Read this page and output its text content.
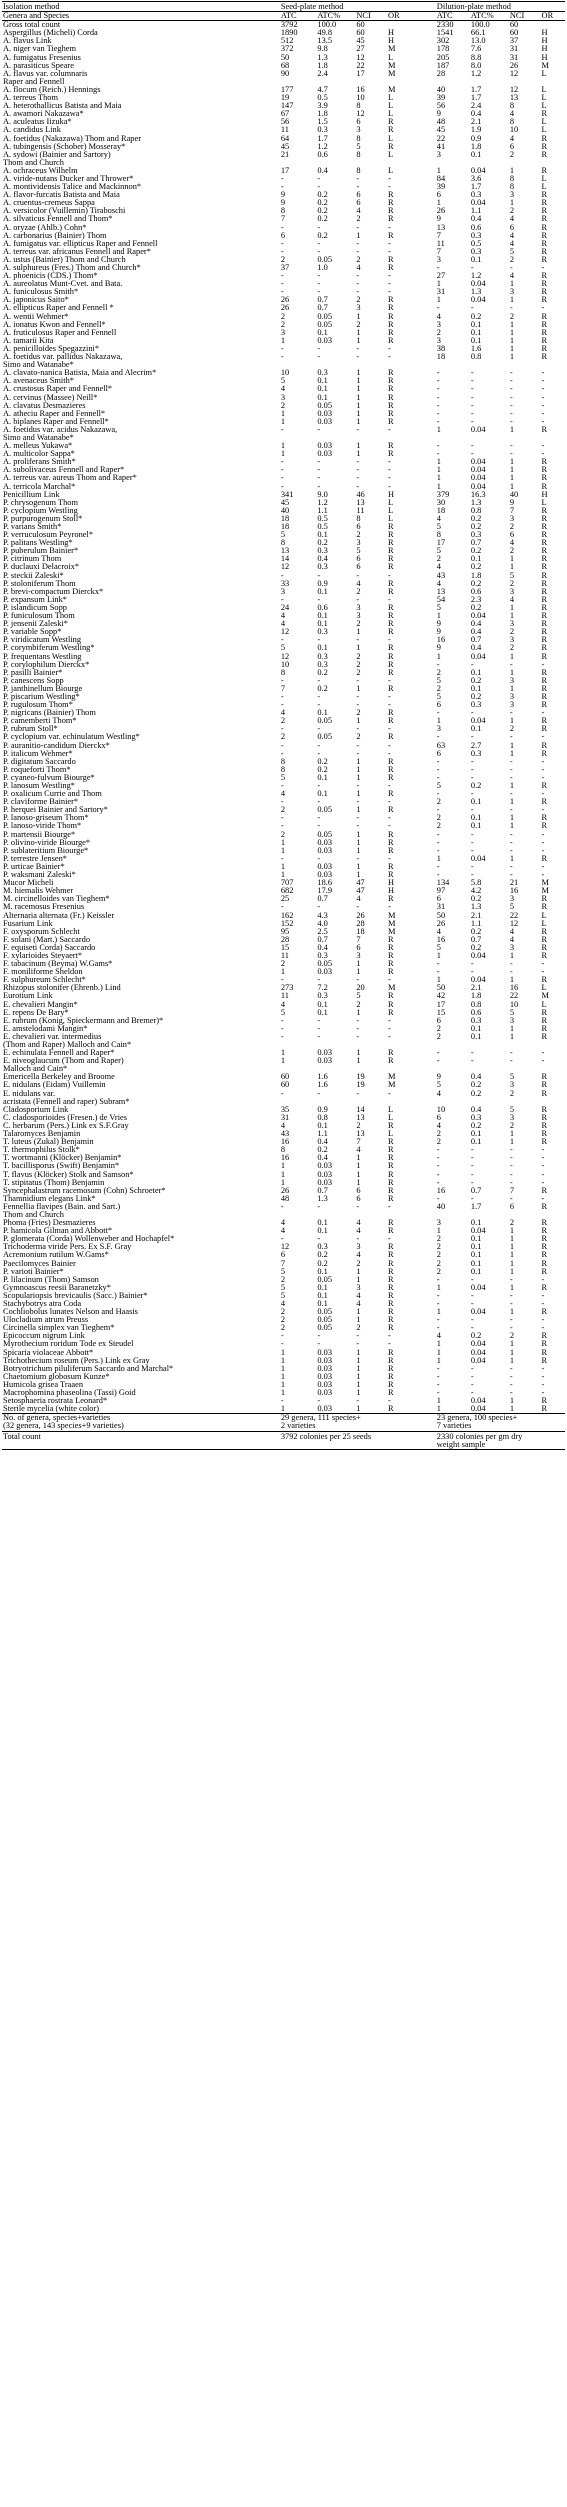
Isolation method	Seed-plate method				Dilution-plate method			
Genera and Species	ATC	ATC%	NCI	OR	ATC	ATC%	NCI	OR
Gross total count	3792	100.0	60		2330	100.0	60	
Aspergillus (Micheli) Corda	1890	49.8	60	H	1541	66.1	60	H
A. flavus Link	512	13.5	45	H	302	13.0	37	H
A. niger van Tieghem	372	9.8	27	M	178	7.6	31	H
A. fumigatus Fresenius	50	1.3	12	L	205	8.8	31	H
A. parasiticus Speare	68	1.8	22	M	187	8.0	26	M
A. flavus var. columnaris	90	2.4	17	M	28	1.2	12	L
Raper and Fennell								
A. flocum (Reich.) Hennings	177	4.7	16	M	40	1.7	12	L
A. terreus Thom	19	0.5	10	L	39	1.7	13	L
A. heterothallicus Batista and Maia	147	3.9	8	L	56	2.4	8	L
A. awamori Nakazawa*	67	1.8	12	L	9	0.4	4	R
A. aculeatus Iizuka*	56	1.5	6	R	48	2.1	8	L
A. candidus Link	11	0.3	3	R	45	1.9	10	L
A. foetidus (Nakazawa) Thom and Raper	64	1.7	8	L	22	0.9	4	R
A. tubingensis (Schober) Mosseray*	45	1.2	5	R	41	1.8	6	R
A. sydowi (Bainier and Sartory)	21	0.6	8	L	3	0.1	2	R
Thom and Church								
A. ochraceus Wilhelm	17	0.4	8	L	1	0.04	1	R
A. viride-nutans Ducker and Thrower*	-	-	-	-	84	3.6	8	L
A. montividensis Talice and Mackinnon*	-	-	-	-	39	1.7	8	L
A. flavor-furcatis Batista and Maia	9	0.2	6	R	6	0.3	3	R
A. cruentus-cremeus Sappa	9	0.2	6	R	1	0.04	1	R
A. versicolor (Vuillemin) Tiraboschi	8	0.2	4	R	26	1.1	2	R
A. silvaticus Fennell and Thom*	7	0.2	2	R	9	0.4	4	R
A. oryzae (Ahlb.) Cohn*	-	-	-	-	13	0.6	6	R
A. carbonarius (Bainier) Thom	6	0.2	1	R	7	0.3	4	R
A. fumigatus var. ellipticus Raper and Fennell	-	-	-	-	11	0.5	4	R
A. terreus var. africanus Fennell and Raper*	-	-	-	-	7	0.3	5	R
A. ustus (Bainier) Thom and Church	2	0.05	2	R	3	0.1	2	R
A. sulphureus (Fres.) Thom and Church*	37	1.0	4	R	-	-	-	-
A. phoenicis (CDS.) Thom*	-	-	-	-	27	1.2	4	R
A. aureolatus Munt-Cvet. and Bata.	-	-	-	-	1	0.04	1	R
A. funiculosus Smith*	-	-	-	-	31	1.3	3	R
A. japonicus Saito*	26	0.7	2	R	1	0.04	1	R
A. ellipticus Raper and Fennell *	26	0.7	3	R	-	-	-	-
A. wentii Wehmer*	2	0.05	1	R	4	0.2	2	R
A. ionatus Kwon and Fennell*	2	0.05	2	R	3	0.1	1	R
A. fruticulosus Raper and Fennell	3	0.1	1	R	2	0.1	1	R
A. tamarii Kita	1	0.03	1	R	3	0.1	1	R
A. penicilloides Spegazzini*	-	-	-	-	38	1.6	1	R
A. foetidus var. pallidus Nakazawa,	-	-	-	-	18	0.8	1	R
Simo and Watanabe*								
A. clavato-nanica Batista, Maia and Alecrim*	10	0.3	1	R	-	-	-	-
A. avenaceus Smith*	5	0.1	1	R	-	-	-	-
A. crustosus Raper and Fennell*	4	0.1	1	R	-	-	-	-
A. cervinus (Massee) Neill*	3	0.1	1	R	-	-	-	-
A. clavatus Desmazieres	2	0.05	1	R	-	-	-	-
A. atheciu Raper and Fennell*	1	0.03	1	R	-	-	-	-
A. biplanes Raper and Fennell*	1	0.03	1	R	-	-	-	-
A. foetidus var. acidus Nakazawa,	-	-	-	-	1	0.04	1	R
Simo and Watanabe*								
A. melleus Yukawa*	1	0.03	1	R	-	-	-	-
A. multicolor Sappa*	1	0.03	1	R	-	-	-	-
A. proliferans Smith*	-	-	-	-	1	0.04	1	R
A. subolivaceus Fennell and Raper*	-	-	-	-	1	0.04	1	R
A. terreus var. aureus Thom and Raper*	-	-	-	-	1	0.04	1	R
A. terricola Marchal*	-	-	-	-	1	0.04	1	R
Penicillium Link	341	9.0	46	H	379	16.3	40	H
P. chrysogenum Thom	45	1.2	13	L	30	1.3	9	L
P. cyclopium Westling	40	1.1	11	L	18	0.8	7	R
P. purpurogenum Stoll*	18	0.5	8	L	4	0.2	3	R
P. varians Smith*	18	0.5	6	R	5	0.2	2	R
P. verruculosum Peyronel*	5	0.1	2	R	8	0.3	6	R
P. palitans Westling*	8	0.2	3	R	17	0.7	4	R
P. puberulum Bainier*	13	0.3	5	R	5	0.2	2	R
P. citrinum Thom	14	0.4	6	R	2	0.1	1	R
P. duclauxi Delacroix*	12	0.3	6	R	4	0.2	1	R
P. steckii Zaleski*	-	-	-	-	43	1.8	5	R
P. stoloniferum Thom	33	0.9	4	R	4	0.2	2	R
P. brevi-compactum Dierckx*	3	0.1	2	R	13	0.6	3	R
P. expansum Link*	-	-	-	-	54	2.3	4	R
P. islandicum Sopp	24	0.6	3	R	5	0.2	1	R
P. funiculosum Thom	4	0.1	3	R	1	0.04	1	R
P. jensenii Zaleski*	4	0.1	2	R	9	0.4	3	R
P. variable Sopp*	12	0.3	1	R	9	0.4	2	R
P. viridicatum Westling	-	-	-	-	16	0.7	3	R
P. corymbiferum Westling*	5	0.1	1	R	9	0.4	2	R
P. frequentans Westling	12	0.3	2	R	1	0.04	1	R
P. corylophilum Dierckx*	10	0.3	2	R	-	-	-	-
P. pasilli Bainier*	8	0.2	2	R	2	0.1	1	R
P. canescens Sopp	-	-	-	-	5	0.2	3	R
P. janthinellum Biourge	7	0.2	1	R	2	0.1	1	R
P. piscarium Westling*	-	-	-	-	5	0.2	3	R
P. rugulosum Thom*	-	-	-	-	6	0.3	3	R
P. nigricans (Bainier) Thom	4	0.1	2	R	-	-	-	-
P. camemberti Thom*	2	0.05	1	R	1	0.04	1	R
P. rubrum Stoll*	-	-	-	-	3	0.1	2	R
P. cyclopium var. echinulatum Westling*	2	0.05	2	R	-	-	-	-
P. auranitio-candidum Dierckx*	-	-	-	-	63	2.7	1	R
P. italicum Wehmer*	-	-	-	-	6	0.3	1	R
P. digitatum Saccardo	8	0.2	1	R	-	-	-	-
P. roqueforti Thom*	8	0.2	1	R	-	-	-	-
P. cyaneo-fulvum Biourge*	5	0.1	1	R	-	-	-	-
P. lanosum Westling*	-	-	-	-	5	0.2	1	R
P. oxalicum Currie and Thom	4	0.1	1	R	-	-	-	-
P. claviforme Bainier*	-	-	-	-	2	0.1	1	R
P. herquei Bainier and Sartory*	2	0.05	1	R	-	-	-	-
P. lanoso-griseum Thom*	-	-	-	-	2	0.1	1	R
P. lanoso-viride Thom*	-	-	-	-	2	0.1	1	R
P. martensii Biourge*	2	0.05	1	R	-	-	-	-
P. olivino-viride Biourge*	1	0.03	1	R	-	-	-	-
P. sublateritium Biourge*	1	0.03	1	R	-	-	-	-
P. terrestre Jensen*	-	-	-	-	1	0.04	1	R
P. urticae Bainier*	1	0.03	1	R	-	-	-	-
P. waksmani Zaleski*	1	0.03	1	R	-	-	-	-
Mucor Micheli	707	18.6	47	H	134	5.8	21	M
M. hiemalis Wehmer	682	17.9	47	H	97	4.2	16	M
M. circinelloides van Tieghem*	25	0.7	4	R	6	0.2	3	R
M. racemosus Fresenius	-	-	-	-	31	1.3	5	R
Alternaria alternata (Fr.) Keissler	162	4.3	26	M	50	2.1	22	L
Fusarium Link	152	4.0	28	M	26	1.1	12	L
F. oxysporum Schlecht	95	2.5	18	M	4	0.2	4	R
F. solani (Mart.) Saccardo	28	0.7	7	R	16	0.7	4	R
F. equiseti Corda) Saccardo	15	0.4	6	R	5	0.2	3	R
F. xylarioides Steyaert*	11	0.3	3	R	1	0.04	1	R
F. tabacinum (Beyma) W.Gams*	2	0.05	1	R	-	-	-	-
F. moniliforme Sheldon	1	0.03	1	R	-	-	-	-
F. sulphureum Schlecht*	-	-	-	-	1	0.04	1	R
Rhizopus stolonifer (Ehrenb.) Lind	273	7.2	20	M	50	2.1	16	L
Eurotium Link	11	0.3	5	R	42	1.8	22	M
E. chevalieri Mangin*	4	0.1	2	R	17	0.8	10	L
E. repens De Bary*	5	0.1	1	R	15	0.6	5	R
E. rubrum (Konig, Spieckermann and Bremer)*	-	-	-	-	6	0.3	3	R
E. amstelodami Mangin*	-	-	-	-	2	0.1	1	R
E. chevalieri var. intermedius	-	-	-	-	2	0.1	1	R
(Thom and Raper) Malloch and Cain*								
E. echinulata Fennell and Raper*	1	0.03	1	R	-	-	-	-
E. niveoglaucum (Thom and Raper)	1	0.03	1	R	-	-	-	-
Malloch and Cain*								
Emericella Berkeley and Broome	60	1.6	19	M	9	0.4	5	R
E. nidulans (Eidam) Vuillemin	60	1.6	19	M	5	0.2	3	R
E. nidulans var.	-	-	-	-	4	0.2	2	R
acristata (Fennell and raper) Subram*								
Cladosporium Link	35	0.9	14	L	10	0.4	5	R
C. cladosporioides (Fresen.) de Vries	31	0.8	13	L	6	0.3	3	R
C. herbarum (Pers.) Link ex S.F.Gray	4	0.1	2	R	4	0.2	2	R
Talaromyces Benjamin	43	1.1	13	L	2	0.1	1	R
T. luteus (Zukal) Benjamin	16	0.4	7	R	2	0.1	1	R
T. thermophilus Stolk*	8	0.2	4	R	-	-	-	-
T. wortmanni (Klöcker) Benjamin*	16	0.4	1	R	-	-	-	-
T. bacillisporus (Swift) Benjamin*	1	0.03	1	R	-	-	-	-
T. flavus (Klöcker) Stolk and Samson*	1	0.03	1	R	-	-	-	-
T. stipitatus (Thom) Benjamin	1	0.03	1	R	-	-	-	-
Syncephalastrum racemosum (Cohn) Schroeter*	26	0.7	6	R	16	0.7	7	R
Thamnidium elegans Link*	48	1.3	6	R	-	-	-	-
Fennellia flavipes (Bain. and Sart.)	-	-	-	-	40	1.7	6	R
Thom and Church								
Phoma (Fries) Desmazieres	4	0.1	4	R	3	0.1	2	R
P. hamicola Gilman and Abbott*	4	0.1	4	R	1	0.04	1	R
P. glomerata (Corda) Wollenweber and Hochapfel*	-	-	-	-	2	0.1	1	R
Trichoderma viride Pers. Ex S.F. Gray	12	0.3	3	R	2	0.1	1	R
Acremonium rutilum W.Gams*	6	0.2	4	R	2	0.1	1	R
Paecilomyces Bainier	7	0.2	2	R	2	0.1	1	R
P. varioti Bainier*	5	0.1	1	R	2	0.1	1	R
P. lilacinum (Thom) Samson	2	0.05	1	R	-	-	-	-
Gymnoascus reesii Baranetzky*	5	0.1	3	R	1	0.04	1	R
Scopulariopsis brevicaulis (Sacc.) Bainier*	5	0.1	4	R	-	-	-	-
Stachybotrys atra Coda	4	0.1	4	R	-	-	-	-
Cochliobolus lunates Nelson and Haasis	2	0.05	1	R	1	0.04	1	R
Ulocladium atrum Preuss	2	0.05	1	R	-	-	-	-
Circinella simplex van Tieghem*	2	0.05	2	R	-	-	-	-
Epicoccum nigrum Link	-	-	-	-	4	0.2	2	R
Myrothecium roridum Tode ex Steudel	-	-	-	-	1	0.04	1	R
Spicaria violaceae Abbott*	1	0.03	1	R	1	0.04	1	R
Trichothecium roseum (Pers.) Link ex Gray	1	0.03	1	R	1	0.04	1	R
Botryotrichum piluliferum Saccardo and Marchal*	1	0.03	1	R	-	-	-	-
Chaetomium globosum Kunze*	1	0.03	1	R	-	-	-	-
Humicola grisea Traaen	1	0.03	1	R	-	-	-	-
Macrophomina phaseolina (Tassi) Goid	1	0.03	1	R	-	-	-	-
Setosphaeria rostrata Leonard*	-	-	-	-	1	0.04	1	R
Sterile mycelia (white color)	1	0.03	1	R	1	0.04	1	R
No. of genera, species+varieties
(32 genera, 143 species+9 varieties)	29 genera, 111 species+
2 varieties				23 genera, 100 species+
7 varieties			
Total count	3792 colonies per 25 seeds				2330 colonies per gm dry
weight sample			
